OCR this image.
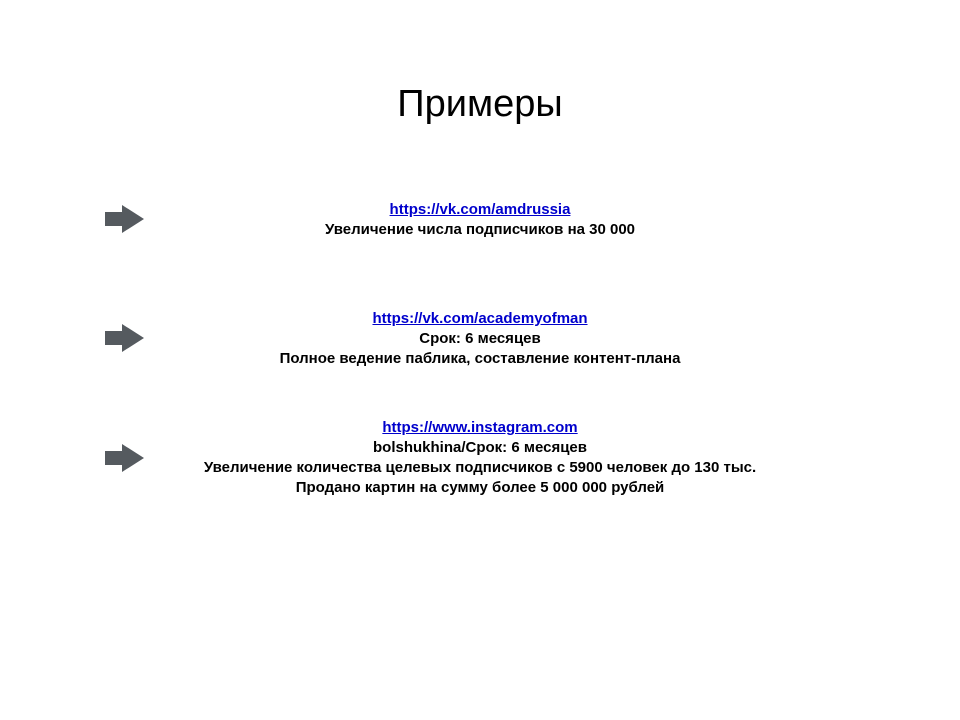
Примеры
https://vk.com/amdrussia
Увеличение числа подписчиков на 30 000
https://vk.com/academyofman
Срок: 6 месяцев
Полное ведение паблика, составление контент-плана
https://www.instagram.com
bolshukhina/Срок: 6 месяцев
Увеличение количества целевых подписчиков с 5900 человек до 130 тыс.
Продано картин на сумму более 5 000 000 рублей
